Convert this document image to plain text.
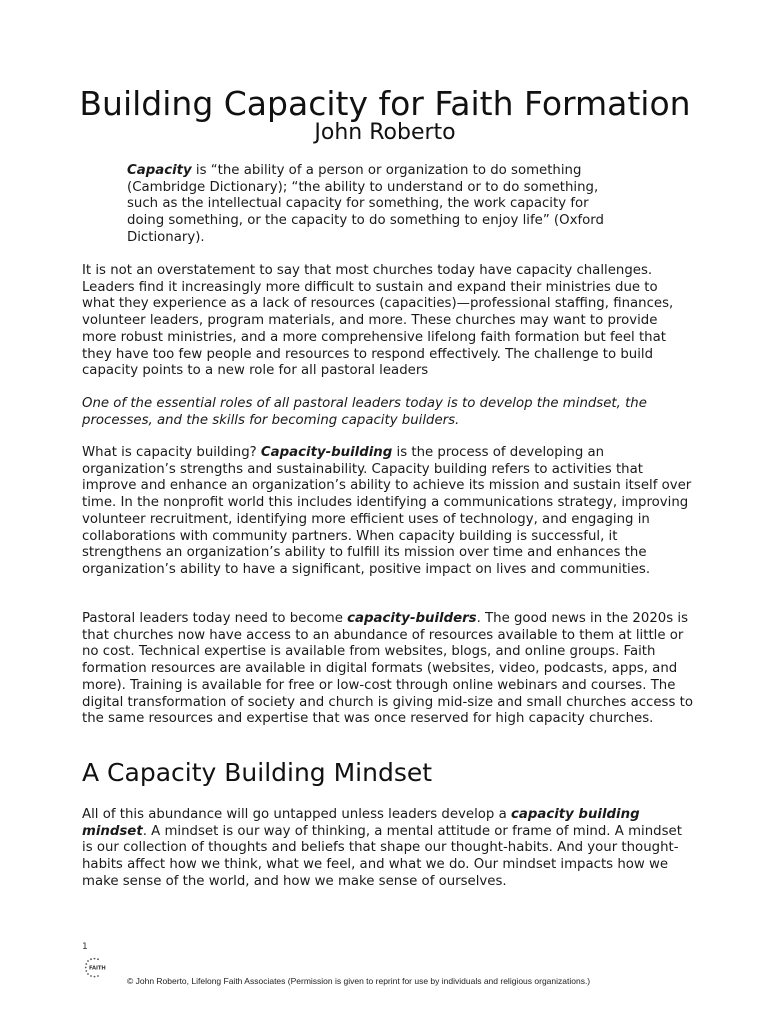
Building Capacity for Faith Formation
John Roberto

Capacity is “the ability of a person or organization to do something (Cambridge Dictionary); “the ability to understand or to do something, such as the intellectual capacity for something, the work capacity for doing something, or the capacity to do something to enjoy life” (Oxford Dictionary).

It is not an overstatement to say that most churches today have capacity challenges. Leaders find it increasingly more difficult to sustain and expand their ministries due to what they experience as a lack of resources (capacities)—professional staffing, finances, volunteer leaders, program materials, and more. These churches may want to provide more robust ministries, and a more comprehensive lifelong faith formation but feel that they have too few people and resources to respond effectively. The challenge to build capacity points to a new role for all pastoral leaders

One of the essential roles of all pastoral leaders today is to develop the mindset, the processes, and the skills for becoming capacity builders.

What is capacity building? Capacity-building is the process of developing an organization’s strengths and sustainability. Capacity building refers to activities that improve and enhance an organization’s ability to achieve its mission and sustain itself over time. In the nonprofit world this includes identifying a communications strategy, improving volunteer recruitment, identifying more efficient uses of technology, and engaging in collaborations with community partners. When capacity building is successful, it strengthens an organization’s ability to fulfill its mission over time and enhances the organization’s ability to have a significant, positive impact on lives and communities.

Pastoral leaders today need to become capacity-builders. The good news in the 2020s is that churches now have access to an abundance of resources available to them at little or no cost. Technical expertise is available from websites, blogs, and online groups. Faith formation resources are available in digital formats (websites, video, podcasts, apps, and more). Training is available for free or low-cost through online webinars and courses. The digital transformation of society and church is giving mid-size and small churches access to the same resources and expertise that was once reserved for high capacity churches.

A Capacity Building Mindset

All of this abundance will go untapped unless leaders develop a capacity building mindset. A mindset is our way of thinking, a mental attitude or frame of mind. A mindset is our collection of thoughts and beliefs that shape our thought-habits. And your thought-habits affect how we think, what we feel, and what we do. Our mindset impacts how we make sense of the world, and how we make sense of ourselves.

1
FAITH
© John Roberto, Lifelong Faith Associates (Permission is given to reprint for use by individuals and religious organizations.)
